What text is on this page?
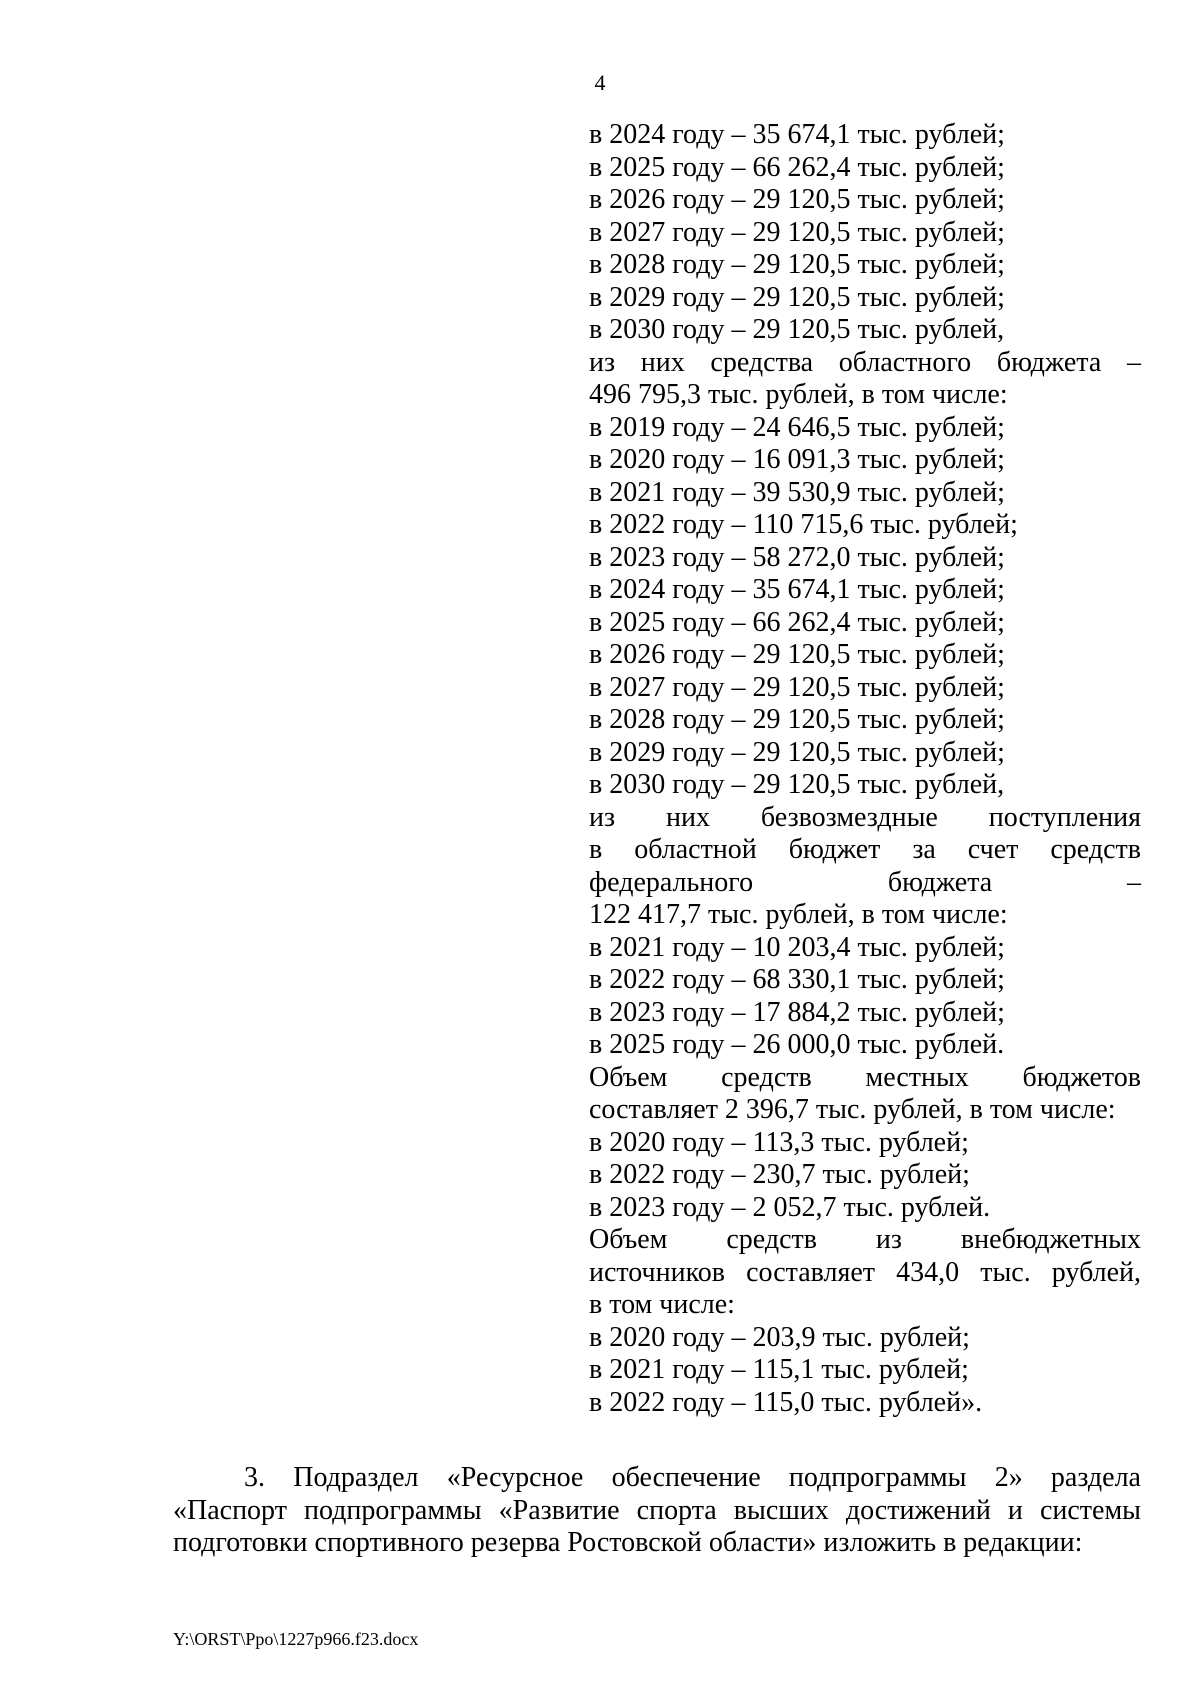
4
в 2024 году – 35 674,1 тыс. рублей;
в 2025 году – 66 262,4 тыс. рублей;
в 2026 году – 29 120,5 тыс. рублей;
в 2027 году – 29 120,5 тыс. рублей;
в 2028 году – 29 120,5 тыс. рублей;
в 2029 году – 29 120,5 тыс. рублей;
в 2030 году – 29 120,5 тыс. рублей,
из них средства областного бюджета –
496 795,3 тыс. рублей, в том числе:
в 2019 году – 24 646,5 тыс. рублей;
в 2020 году – 16 091,3 тыс. рублей;
в 2021 году – 39 530,9 тыс. рублей;
в 2022 году – 110 715,6 тыс. рублей;
в 2023 году – 58 272,0 тыс. рублей;
в 2024 году – 35 674,1 тыс. рублей;
в 2025 году – 66 262,4 тыс. рублей;
в 2026 году – 29 120,5 тыс. рублей;
в 2027 году – 29 120,5 тыс. рублей;
в 2028 году – 29 120,5 тыс. рублей;
в 2029 году – 29 120,5 тыс. рублей;
в 2030 году – 29 120,5 тыс. рублей,
из них безвозмездные поступления
в областной бюджет за счет средств
федерального бюджета –
122 417,7 тыс. рублей, в том числе:
в 2021 году – 10 203,4 тыс. рублей;
в 2022 году – 68 330,1 тыс. рублей;
в 2023 году – 17 884,2 тыс. рублей;
в 2025 году – 26 000,0 тыс. рублей.
Объем средств местных бюджетов
составляет 2 396,7 тыс. рублей, в том числе:
в 2020 году – 113,3 тыс. рублей;
в 2022 году – 230,7 тыс. рублей;
в 2023 году – 2 052,7 тыс. рублей.
Объем средств из внебюджетных
источников составляет 434,0 тыс. рублей,
в том числе:
в 2020 году – 203,9 тыс. рублей;
в 2021 году – 115,1 тыс. рублей;
в 2022 году – 115,0 тыс. рублей».
3. Подраздел «Ресурсное обеспечение подпрограммы 2» раздела
«Паспорт подпрограммы «Развитие спорта высших достижений и системы
подготовки спортивного резерва Ростовской области» изложить в редакции:
Y:\ORST\Ppo\1227p966.f23.docx
